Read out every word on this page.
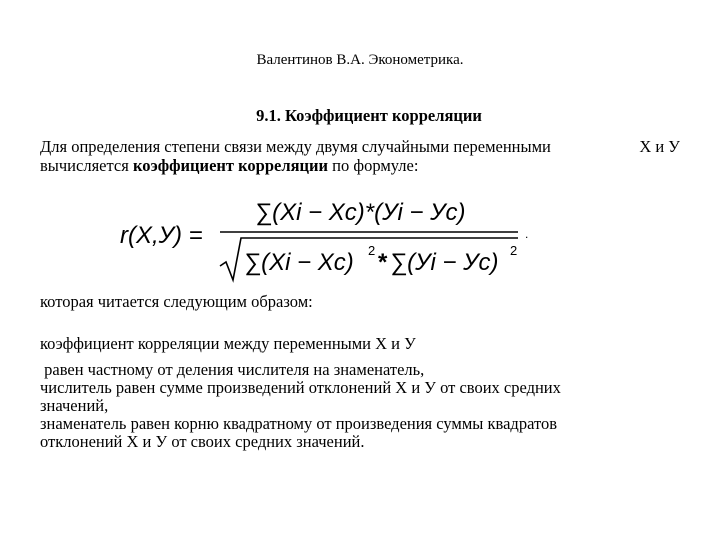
Валентинов В.А. Эконометрика.
9.1. Коэффициент корреляции
Для определения степени связи между двумя случайными переменными	X и У
вычисляется коэффициент корреляции по формуле:
r(X,У) =
∑(Xi − Xc)*(Уi − Уc)
∑(Xi − Xc) 2 * ∑(Уi − Уc) 2
.
которая читается следующим образом:
коэффициент корреляции между переменными X и У
равен частному от деления числителя на знаменатель,
числитель равен сумме произведений отклонений X и У от своих средних
значений,
знаменатель равен корню квадратному от произведения суммы квадратов
отклонений X и У от своих средних значений.
